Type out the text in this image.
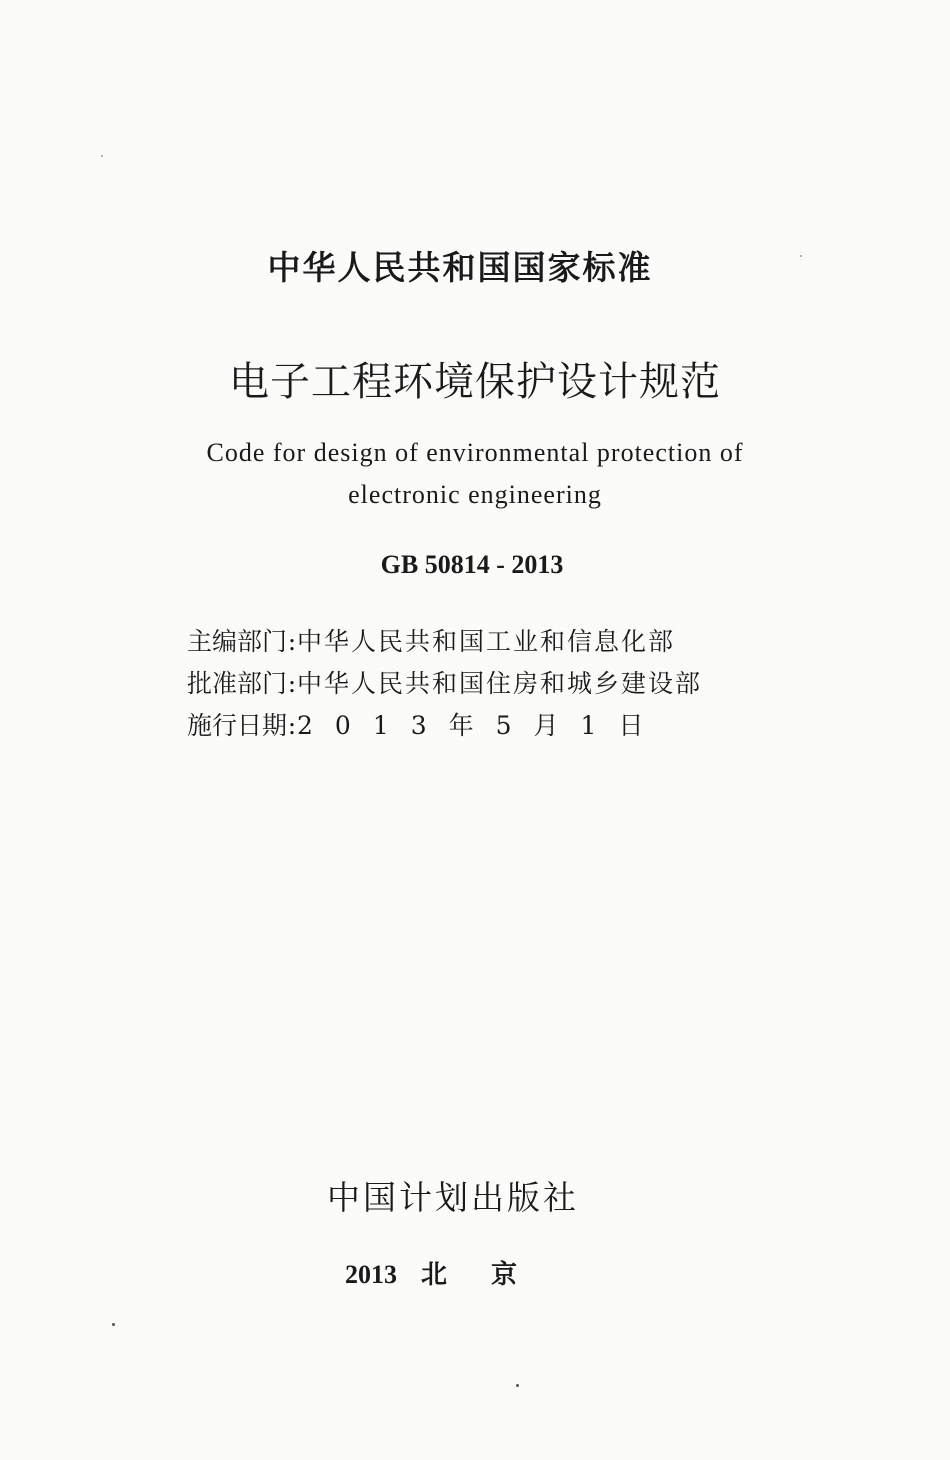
中华人民共和国国家标准
电子工程环境保护设计规范
Code for design of environmental protection of
electronic engineering
GB 50814 - 2013
主编部门:中华人民共和国工业和信息化部
批准部门:中华人民共和国住房和城乡建设部
施行日期:2013年5月1日
中国计划出版社
2013 北京
